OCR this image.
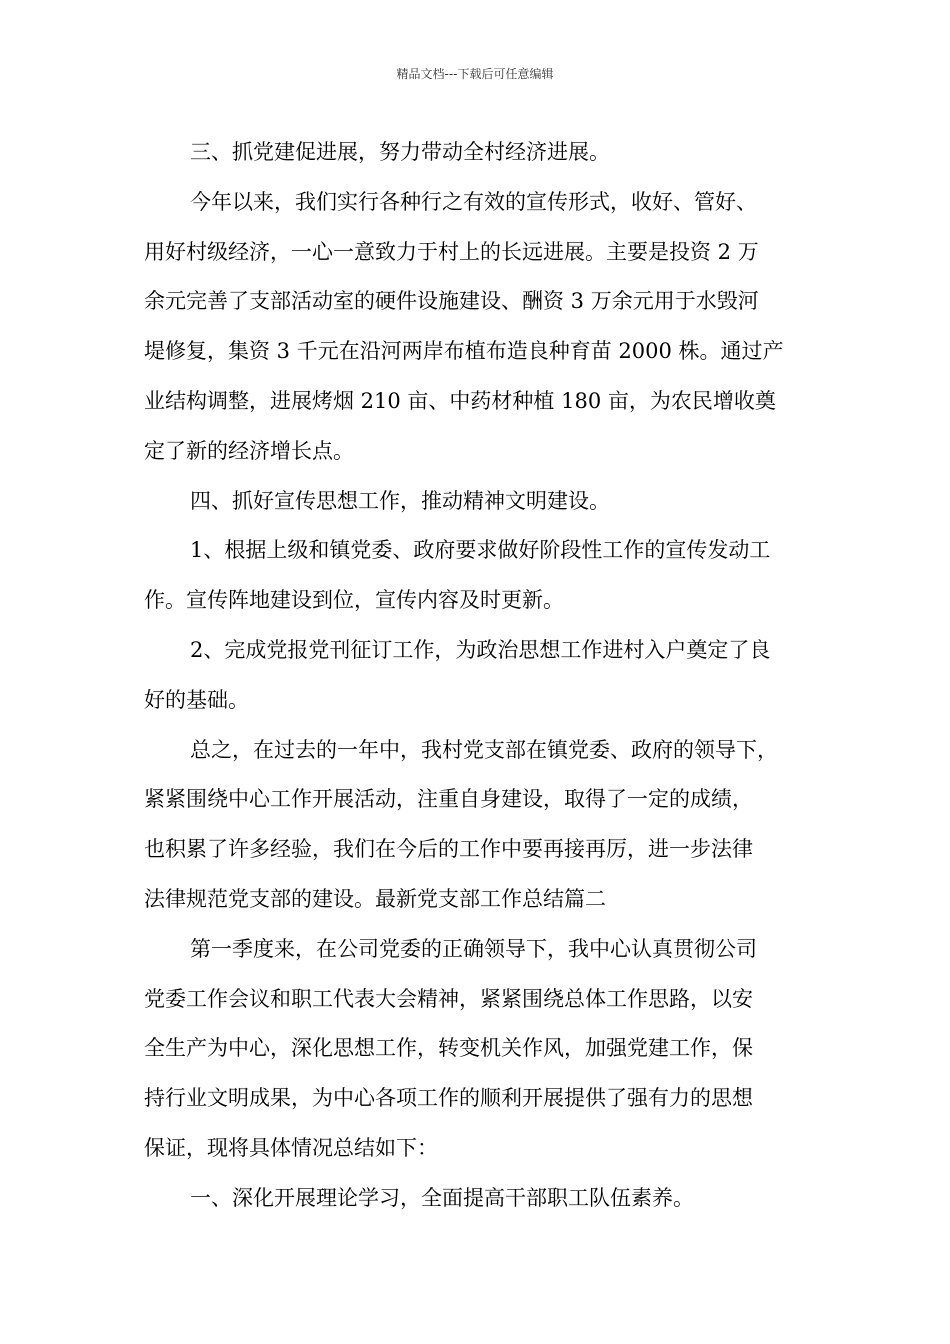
精品文档---下载后可任意编辑
三、抓党建促进展，努力带动全村经济进展。
今年以来，我们实行各种行之有效的宣传形式，收好、管好、
用好村级经济，一心一意致力于村上的长远进展。主要是投资 2 万
余元完善了支部活动室的硬件设施建设、酬资 3 万余元用于水毁河
堤修复，集资 3 千元在沿河两岸布植布造良种育苗 2000 株。通过产
业结构调整，进展烤烟 210 亩、中药材种植 180 亩，为农民增收奠
定了新的经济增长点。
四、抓好宣传思想工作，推动精神文明建设。
1、根据上级和镇党委、政府要求做好阶段性工作的宣传发动工
作。宣传阵地建设到位，宣传内容及时更新。
2、完成党报党刊征订工作，为政治思想工作进村入户奠定了良
好的基础。
总之，在过去的一年中，我村党支部在镇党委、政府的领导下，
紧紧围绕中心工作开展活动，注重自身建设，取得了一定的成绩，
也积累了许多经验，我们在今后的工作中要再接再厉，进一步法律
法律规范党支部的建设。最新党支部工作总结篇二
第一季度来，在公司党委的正确领导下，我中心认真贯彻公司
党委工作会议和职工代表大会精神，紧紧围绕总体工作思路，以安
全生产为中心，深化思想工作，转变机关作风，加强党建工作，保
持行业文明成果，为中心各项工作的顺利开展提供了强有力的思想
保证，现将具体情况总结如下：
一、深化开展理论学习，全面提高干部职工队伍素养。
